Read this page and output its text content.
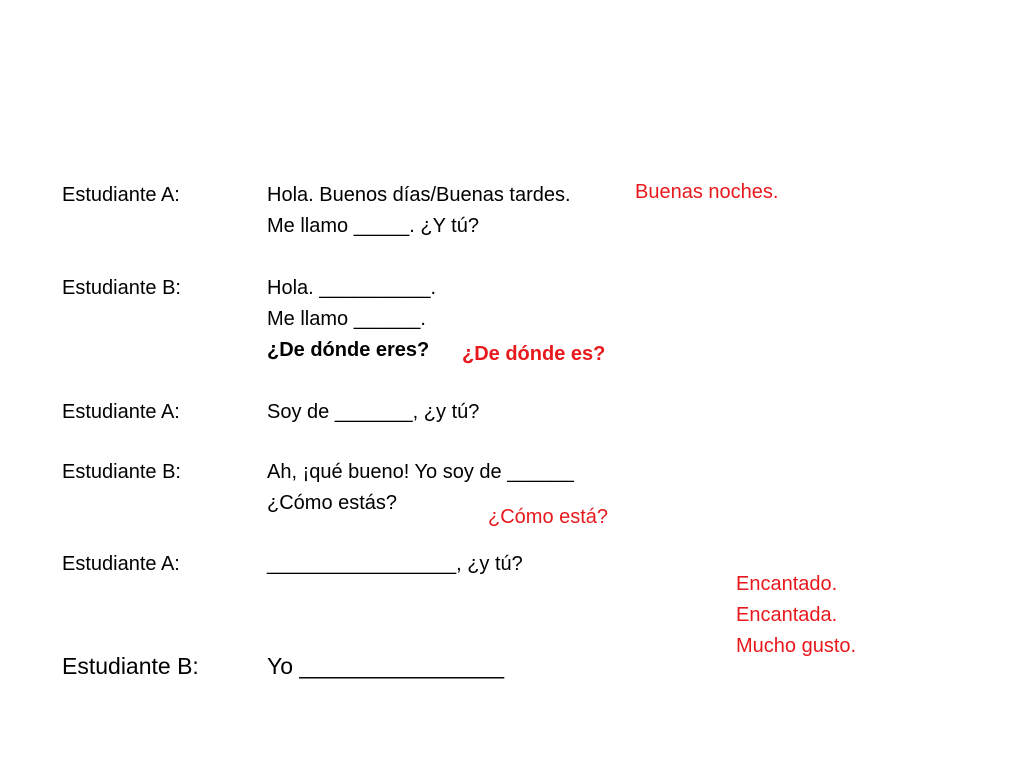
Estudiante A:	Hola. Buenos días/Buenas tardes.
Me llamo _____. ¿Y tú?
Estudiante B:	Hola. __________.
Me llamo ______.
¿De dónde eres?
Estudiante A:	Soy de _______, ¿y tú?
Estudiante B:	Ah, ¡qué bueno! Yo soy de ______
¿Cómo estás?
Estudiante A:	_________________, ¿y tú?
Estudiante B:	Yo ________________
Buenas noches.
¿De dónde es?
¿Cómo está?
Encantado.
Encantada.
Mucho gusto.
